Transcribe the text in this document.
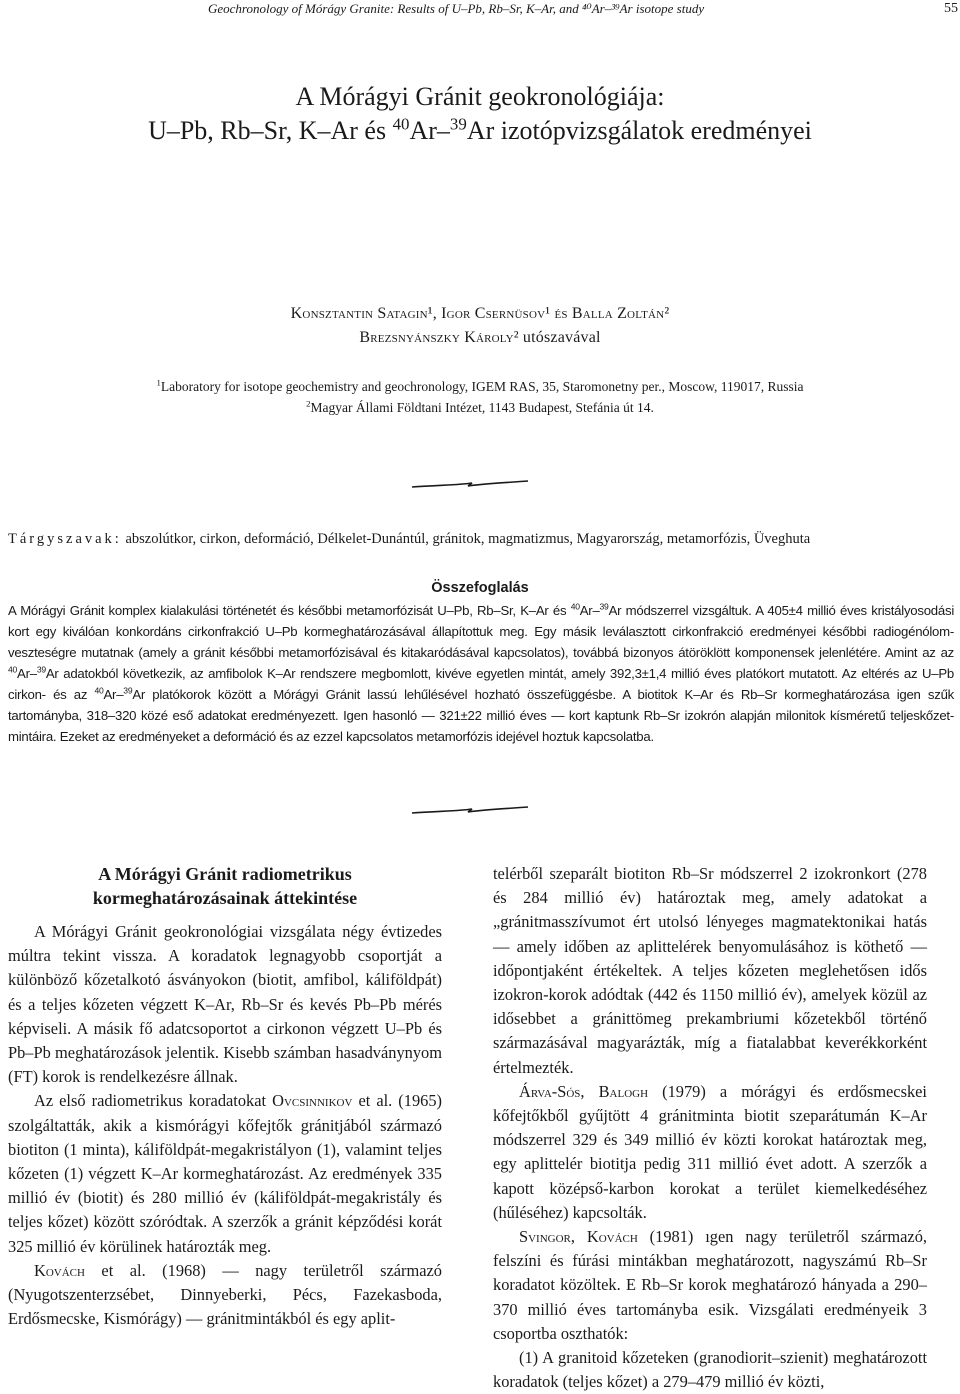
Geochronology of Mórágy Granite: Results of U–Pb, Rb–Sr, K–Ar, and ⁴⁰Ar–³⁹Ar isotope study	55
A Mórágyi Gránit geokronológiája:
U–Pb, Rb–Sr, K–Ar és $^{40}$Ar–$^{39}$Ar izotópvizsgálatok eredményei
Konsztantin Satagin¹, Igor Csernüsov¹ és Balla Zoltán²
Brezsnyánszky Károly² utószavával
$^1$Laboratory for isotope geochemistry and geochronology, IGEM RAS, 35, Staromonetny per., Moscow, 119017, Russia
$^2$Magyar Állami Földtani Intézet, 1143 Budapest, Stefánia út 14.
Tárgyszavak: abszolútkor, cirkon, deformáció, Délkelet-Dunántúl, gránitok, magmatizmus, Magyarország, metamorfózis, Üveghuta
Összefoglalás
A Mórágyi Gránit komplex kialakulási történetét és későbbi metamorfózisát U–Pb, Rb–Sr, K–Ar és $^{40}$Ar–$^{39}$Ar módszerrel vizsgáltuk. A 405±4 millió éves kristályosodási kort egy kiválóan konkordáns cirkonfrakció U–Pb kormeghatározásával állapítottuk meg. Egy másik leválasztott cirkonfrakció eredményei későbbi radiogénólom-veszteségre mutatnak (amely a gránit későbbi metamorfózisával és kitakaródásával kapcsolatos), továbbá bizonyos átöröklött komponensek jelenlétére. Amint az az $^{40}$Ar–$^{39}$Ar adatokból következik, az amfibolok K–Ar rendszere megbomlott, kivéve egyetlen mintát, amely 392,3±1,4 millió éves platókort mutatott. Az eltérés az U–Pb cirkon- és az $^{40}$Ar–$^{39}$Ar platókorok között a Mórágyi Gránit lassú lehűlésével hozható összefüggésbe. A biotitok K–Ar és Rb–Sr kormeghatározása igen szűk tartományba, 318–320 közé eső adatokat eredményezett. Igen hasonló — 321±22 millió éves — kort kaptunk Rb–Sr izokrón alapján milonitok kísméretű teljeskőzet-mintáira. Ezeket az eredményeket a deformáció és az ezzel kapcsolatos metamorfózis idejével hoztuk kapcsolatba.
A Mórágyi Gránit radiometrikus kormeghatározásainak áttekintése

A Mórágyi Gránit geokronológiai vizsgálata négy évtizedes múltra tekint vissza. A koradatok legnagyobb csoportját a különböző kőzetalkotó ásványokon (biotit, amfibol, káliföldpát) és a teljes kőzeten végzett K–Ar, Rb–Sr és kevés Pb–Pb mérés képviseli. A másik fő adatcsoportot a cirkonon végzett U–Pb és Pb–Pb meghatározások jelentik. Kisebb számban hasadványnyom (FT) korok is rendelkezésre állnak.

Az első radiometrikus koradatokat Ovcsinnikov et al. (1965) szolgáltatták, akik a kismórágyi kőfejtők gránitjából származó biotiton (1 minta), káliföldpát-megakristályon (1), valamint teljes kőzeten (1) végzett K–Ar kormeghatározást. Az eredmények 335 millió év (biotit) és 280 millió év (káliföldpát-megakristály és teljes kőzet) között szóródtak. A szerzők a gránit képződési korát 325 millió év körülinek határozták meg.

Kovách et al. (1968) — nagy területről származó (Nyugotszenterzsébet, Dinnyeberki, Pécs, Fazekasboda, Erdősmecske, Kismórágy) — gránitmintákból és egy aplit-

telérből szeparált biotiton Rb–Sr módszerrel 2 izokronkort (278 és 284 millió év) határoztak meg, amely adatokat a „gránitmasszívumot ért utolsó lényeges magmatektonikai hatás — amely időben az aplittelérek benyomulásához is köthető — időpontjaként értékeltek. A teljes kőzeten meglehetősen idős izokron-korok adódtak (442 és 1150 millió év), amelyek közül az idősebbet a gránittömeg prekambriumi kőzetekből történő származásával magyarázták, míg a fiatalabbat keverékkorként értelmezték.

Árva-Sós, Balogh (1979) a mórágyi és erdősmecskei kőfejtőkből gyűjtött 4 gránitminta biotit szeparátumán K–Ar módszerrel 329 és 349 millió év közti korokat határoztak meg, egy aplittelér biotitja pedig 311 millió évet adott. A szerzők a kapott középső-karbon korokat a terület kiemelkedéséhez (hűléséhez) kapcsolták.

Svingor, Kovách (1981) ıgen nagy területről származó, felszíni és fúrási mintákban meghatározott, nagyszámú Rb–Sr koradatot közöltek. E Rb–Sr korok meghatározó hányada a 290–370 millió éves tartományba esik. Vizsgálati eredményeik 3 csoportba oszthatók:

(1) A granitoid kőzeteken (granodiorit–szienit) meghatározott koradatok (teljes kőzet) a 279–479 millió év közti,
